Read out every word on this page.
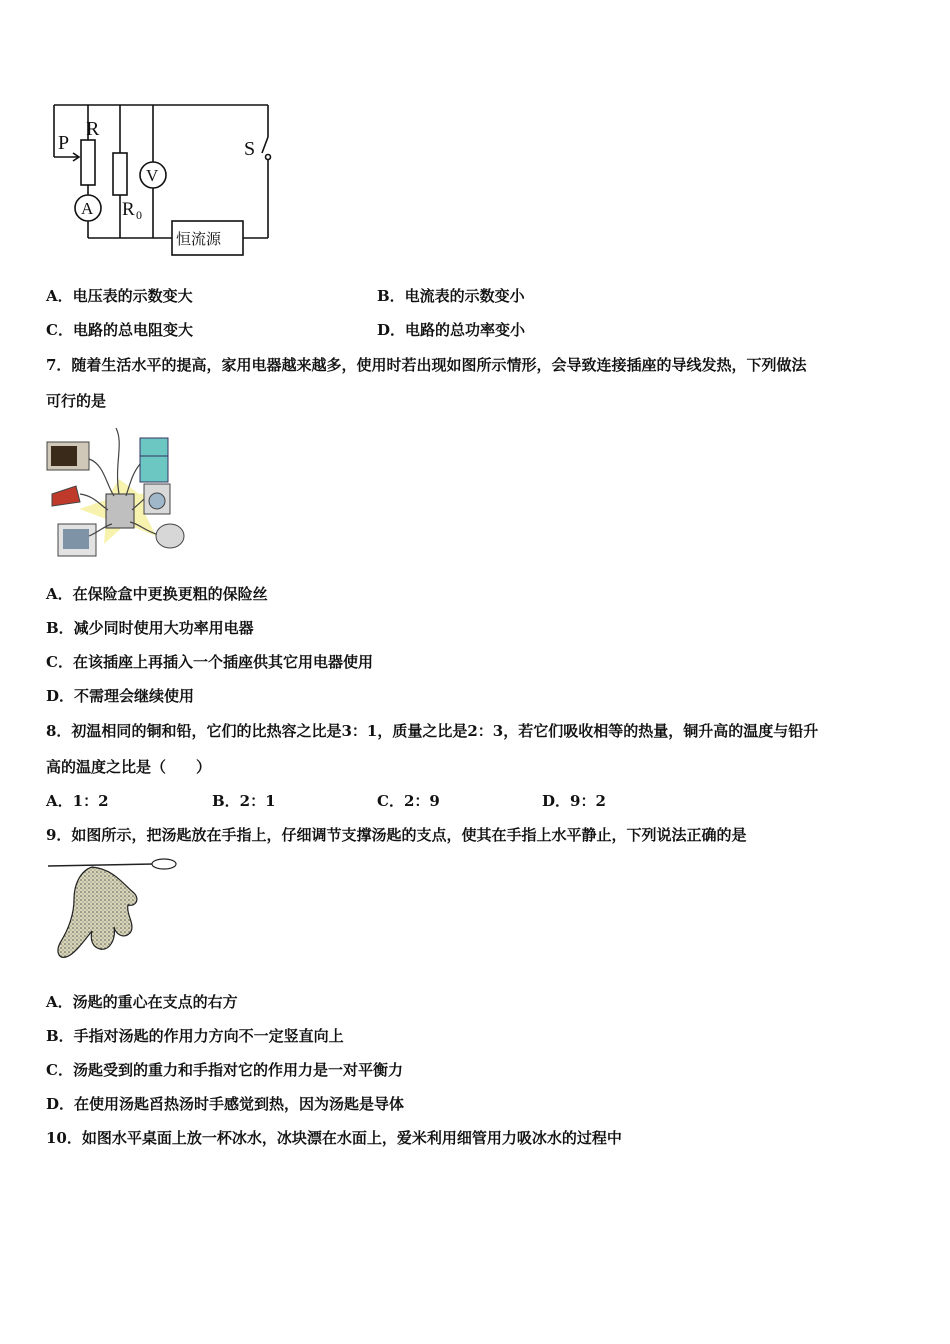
P
R
S
V
A R 0
恒流源
A．电压表的示数变大	B．电流表的示数变小
C．电路的总电阻变大	D．电路的总功率变小
7．随着生活水平的提高，家用电器越来越多，使用时若出现如图所示情形，会导致连接插座的导线发热，下列做法
可行的是
A．在保险盒中更换更粗的保险丝
B．减少同时使用大功率用电器
C．在该插座上再插入一个插座供其它用电器使用
D．不需理会继续使用
8．初温相同的铜和铅，它们的比热容之比是3：1，质量之比是2：3，若它们吸收相等的热量，铜升高的温度与铅升
高的温度之比是（　　）
A．1：2	B．2：1	C．2：9	D．9：2
9．如图所示，把汤匙放在手指上，仔细调节支撑汤匙的支点，使其在手指上水平静止，下列说法正确的是
A．汤匙的重心在支点的右方
B．手指对汤匙的作用力方向不一定竖直向上
C．汤匙受到的重力和手指对它的作用力是一对平衡力
D．在使用汤匙舀热汤时手感觉到热，因为汤匙是导体
10．如图水平桌面上放一杯冰水，冰块漂在水面上，爱米利用细管用力吸冰水的过程中
